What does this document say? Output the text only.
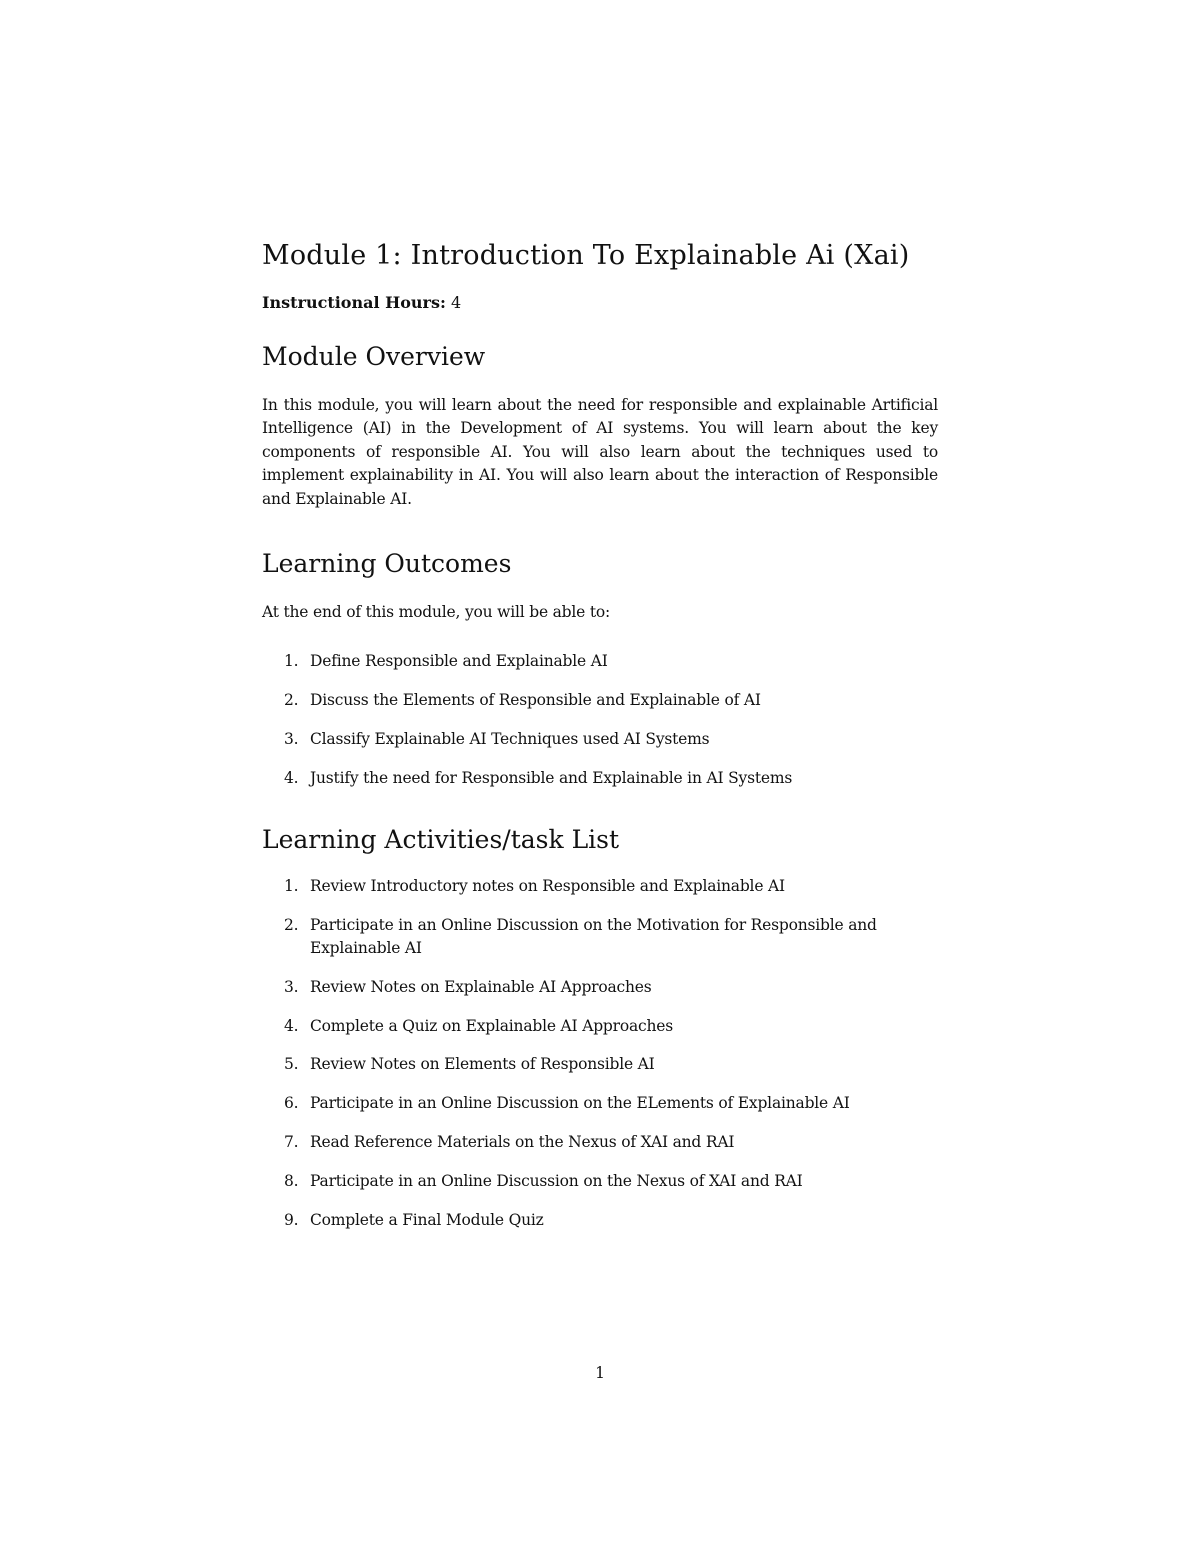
Module 1: Introduction To Explainable Ai (Xai)
Instructional Hours: 4
Module Overview

In this module, you will learn about the need for responsible and explainable Artificial Intelligence (AI) in the Development of AI systems. You will learn about the key components of responsible AI. You will also learn about the techniques used to implement explainability in AI. You will also learn about the interaction of Responsible and Explainable AI.

Learning Outcomes

At the end of this module, you will be able to:

1. Define Responsible and Explainable AI
2. Discuss the Elements of Responsible and Explainable of AI
3. Classify Explainable AI Techniques used AI Systems
4. Justify the need for Responsible and Explainable in AI Systems
Learning Activities/task List
1. Review Introductory notes on Responsible and Explainable AI
2. Participate in an Online Discussion on the Motivation for Responsible and Explainable AI
3. Review Notes on Explainable AI Approaches
4. Complete a Quiz on Explainable AI Approaches
5. Review Notes on Elements of Responsible AI
6. Participate in an Online Discussion on the ELements of Explainable AI
7. Read Reference Materials on the Nexus of XAI and RAI
8. Participate in an Online Discussion on the Nexus of XAI and RAI
9. Complete a Final Module Quiz
1
